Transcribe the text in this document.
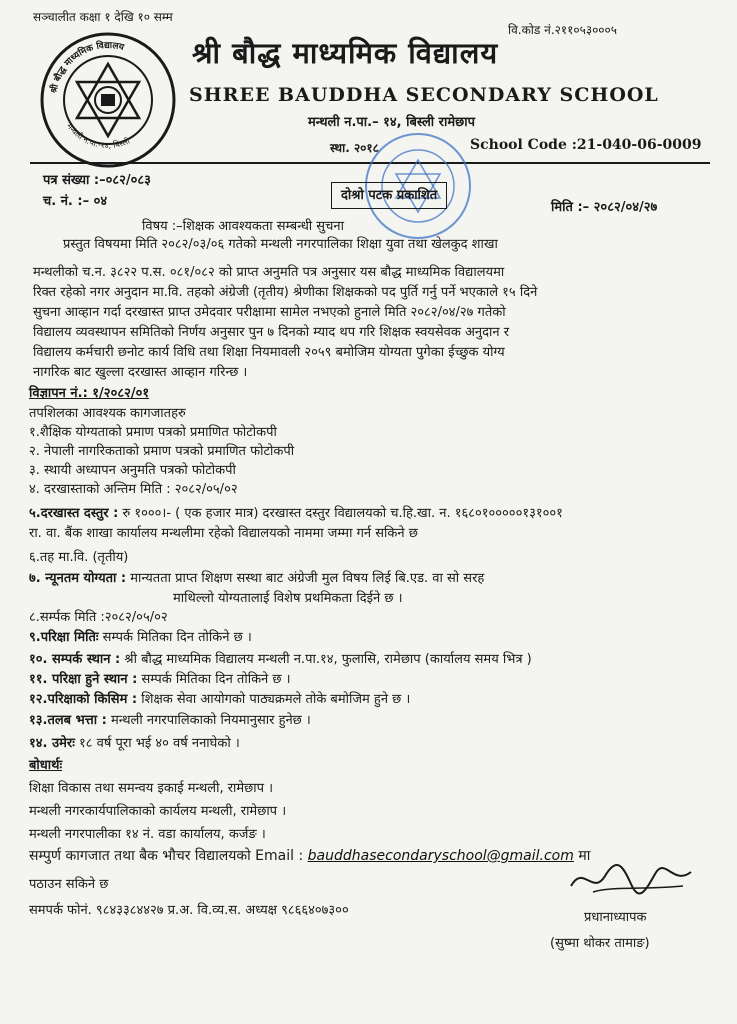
सञ्चालीत कक्षा १ देखि १० सम्म
वि.कोड नं.२११०५३०००५
श्री बौद्ध माध्यमिक विद्यालय
मन्थली न.पा.-१४, बिस्ली
श्री बौद्ध माध्यमिक विद्यालय
SHREE BAUDDHA SECONDARY SCHOOL
मन्थली न.पा.– १४, बिस्ली रामेछाप
स्था. २०१८	School Code :21-040-06-0009
पत्र संख्या :–०८२/०८३
च. नं. :– ०४	दोश्रो पटक प्रकाशित
मिति :– २०८२/०४/२७
विषय :–शिक्षक आवश्यकता सम्बन्धी सुचना
प्रस्तुत विषयमा मिति २०८२/०३/०६ गतेको मन्थली नगरपालिका शिक्षा युवा तथा खेलकुद शाखा
मन्थलीको च.न. ३८२२ प.स. ०८१/०८२ को प्राप्त अनुमति पत्र अनुसार यस बौद्ध माध्यमिक विद्यालयमा
रिक्त रहेको नगर अनुदान मा.वि. तहको अंग्रेजी (तृतीय) श्रेणीका शिक्षकको पद पुर्ति गर्नु पर्ने भएकाले १५ दिने
सुचना आव्हान गर्दा दरखास्त प्राप्त उमेदवार परीक्षामा सामेल नभएको हुनाले मिति २०८२/०४/२७ गतेको
विद्यालय व्यवस्थापन समितिको निर्णय अनुसार पुन ७ दिनको म्याद थप गरि शिक्षक स्वयसेवक अनुदान र
विद्यालय कर्मचारी छनोट कार्य विधि तथा शिक्षा नियमावली २०५९ बमोजिम योग्यता पुगेका ईच्छुक योग्य
नागरिक बाट खुल्ला दरखास्त आव्हान गरिन्छ ।
विज्ञापन नं.: १/२०८२/०१
तपशिलका आवश्यक कागजातहरु
१.शैक्षिक योग्यताको प्रमाण पत्रको प्रमाणित फोटोकपी
२. नेपाली नागरिकताको प्रमाण पत्रको प्रमाणित फोटोकपी
३. स्थायी अध्यापन अनुमति पत्रको फोटोकपी
४. दरखास्ताको अन्तिम मिति : २०८२/०५/०२
५.दरखास्त दस्तुर : रु १०००।- ( एक हजार मात्र) दरखास्त दस्तुर विद्यालयको च.हि.खा. न. १६८०१०००००१३१००१
रा. वा. बैंक शाखा कार्यालय मन्थलीमा रहेको विद्यालयको नाममा जम्मा गर्न सकिने छ
६.तह मा.वि. (तृतीय)
७. न्यूनतम योग्यता : मान्यतता प्राप्त शिक्षण सस्था बाट अंग्रेजी मुल विषय लिई बि.एड. वा सो सरह
माथिल्लो योग्यतालाई विशेष प्रथमिकता दिईने छ ।
८.सर्म्पक मिति :२०८२/०५/०२
९.परिक्षा मितिः सम्पर्क मितिका दिन तोकिने छ ।
१०. सम्पर्क स्थान : श्री बौद्ध माध्यमिक विद्यालय मन्थली न.पा.१४, फुलासि, रामेछाप (कार्यालय समय भित्र )
११. परिक्षा हुने स्थान : सम्पर्क मितिका दिन तोकिने छ ।
१२.परिक्षाको किसिम : शिक्षक सेवा आयोगको पाठ्यक्रमले तोके बमोजिम हुने छ ।
१३.तलब भत्ता : मन्थली नगरपालिकाको नियमानुसार हुनेछ ।
१४. उमेरः १८ वर्ष पूरा भई ४० वर्ष ननाघेको ।
बोधार्थः
शिक्षा विकास तथा समन्वय इकाई मन्थली, रामेछाप ।
मन्थली नगरकार्यपालिकाको कार्यलय मन्थली, रामेछाप ।
मन्थली नगरपालीका १४ नं. वडा कार्यालय, कर्जङ ।
सम्पुर्ण कागजात तथा बैक भौचर विद्यालयको Email : bauddhasecondaryschool@gmail.com मा
पठाउन सकिने छ
समपर्क फोनं. ९८४३३८४४२७ प्र.अ. वि.व्य.स. अध्यक्ष ९८६६४०७३००	प्रधानाध्यापक
(सुष्मा थोकर तामाङ)
